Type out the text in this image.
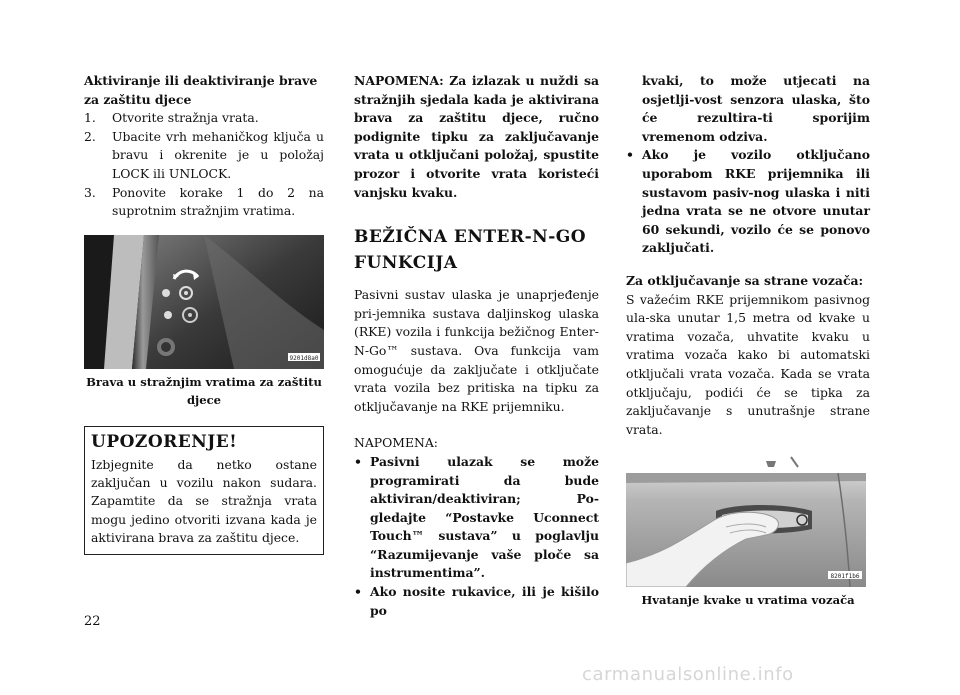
Aktiviranje ili deaktiviranje brave za zaštitu djece

1.	Otvorite stražnja vrata.
2.	Ubacite vrh mehaničkog ključa u bravu i okrenite je u položaj LOCK ili UNLOCK.
3.	Ponovite korake 1 do 2 na suprotnim stražnjim vratima.
9201d8a0

Brava u stražnjim vratima za zaštitu djece

UPOZORENJE!
Izbjegnite da netko ostane zaključan u vozilu nakon sudara. Zapamtite da se stražnja vrata mogu jedino otvoriti izvana kada je aktivirana brava za zaštitu djece.

NAPOMENA: Za izlazak u nuždi sa stražnjih sjedala kada je aktivirana brava za zaštitu djece, ručno podignite tipku za zaključavanje vrata u otključani položaj, spustite prozor i otvorite vrata koristeći vanjsku kvaku.

BEŽIČNA ENTER-N-GO
FUNKCIJA

Pasivni sustav ulaska je unaprjeđenje pri-jemnika sustava daljinskog ulaska (RKE) vozila i funkcija bežičnog Enter-N-Go™ sustava. Ova funkcija vam omogućuje da zaključate i otključate vrata vozila bez pritiska na tipku za otključavanje na RKE prijemniku.

NAPOMENA:

• Pasivni ulazak se može programirati da bude aktiviran/deaktiviran; Po-gledajte “Postavke Uconnect Touch™ sustava” u poglavlju “Razumijevanje vaše ploče sa instrumentima”.
• Ako nosite rukavice, ili je kišilo po

kvaki, to može utjecati na osjetlji-vost senzora ulaska, što će rezultira-ti sporijim vremenom odziva.

• Ako je vozilo otključano uporabom RKE prijemnika ili sustavom pasiv-nog ulaska i niti jedna vrata se ne otvore unutar 60 sekundi, vozilo će se ponovo zaključati.

Za otključavanje sa strane vozača:

S važećim RKE prijemnikom pasivnog ula-ska unutar 1,5 metra od kvake u vratima vozača, uhvatite kvaku u vratima vozača kako bi automatski otključali vrata vozača. Kada se vrata otključaju, podići će se tipka za zaključavanje s unutrašnje strane vrata.

8201f1b6

Hvatanje kvake u vratima vozača

22
carmanualsonline.info
